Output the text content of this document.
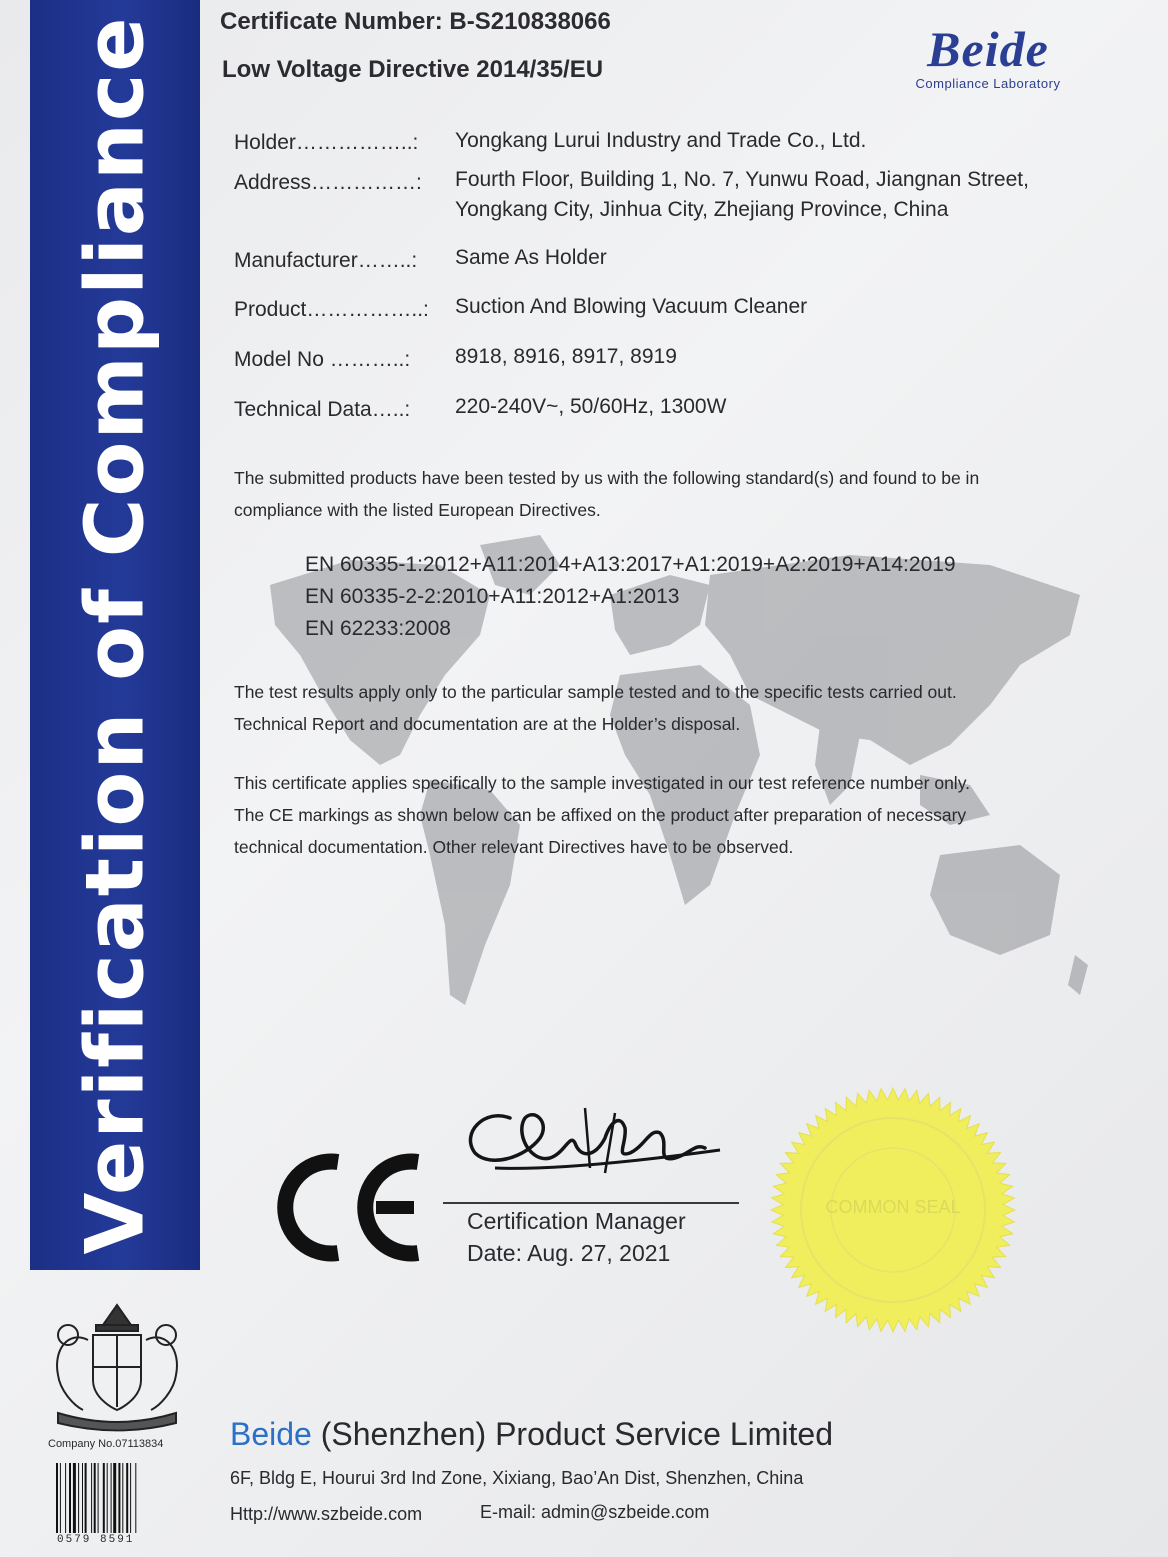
Verification of Compliance Certificate Number: B-S210838066
Low Voltage Directive 2014/35/EU	Beide
Compliance Laboratory
Holder……………..: Yongkang Lurui Industry and Trade Co., Ltd.
Address……………: Fourth Floor, Building 1, No. 7, Yunwu Road, Jiangnan Street,
Yongkang City, Jinhua City, Zhejiang Province, China
Manufacturer……..: Same As Holder
Product……………..: Suction And Blowing Vacuum Cleaner
Model No ………..: 8918, 8916, 8917, 8919
Technical Data…..: 220-240V~, 50/60Hz, 1300W
The submitted products have been tested by us with the following standard(s) and found to be in
compliance with the listed European Directives.
EN 60335-1:2012+A11:2014+A13:2017+A1:2019+A2:2019+A14:2019
EN 60335-2-2:2010+A11:2012+A1:2013
EN 62233:2008
The test results apply only to the particular sample tested and to the specific tests carried out.
Technical Report and documentation are at the Holder’s disposal.
This certificate applies specifically to the sample investigated in our test reference number only.
The CE markings as shown below can be affixed on the product after preparation of necessary
technical documentation. Other relevant Directives have to be observed.
Certification Manager
Date: Aug. 27, 2021
COMMON SEAL
Company No.07113834
0579 8591
Beide (Shenzhen) Product Service Limited
6F, Bldg E, Hourui 3rd Ind Zone, Xixiang, Bao’An Dist, Shenzhen, China
Http://www.szbeide.com	E-mail: admin@szbeide.com
